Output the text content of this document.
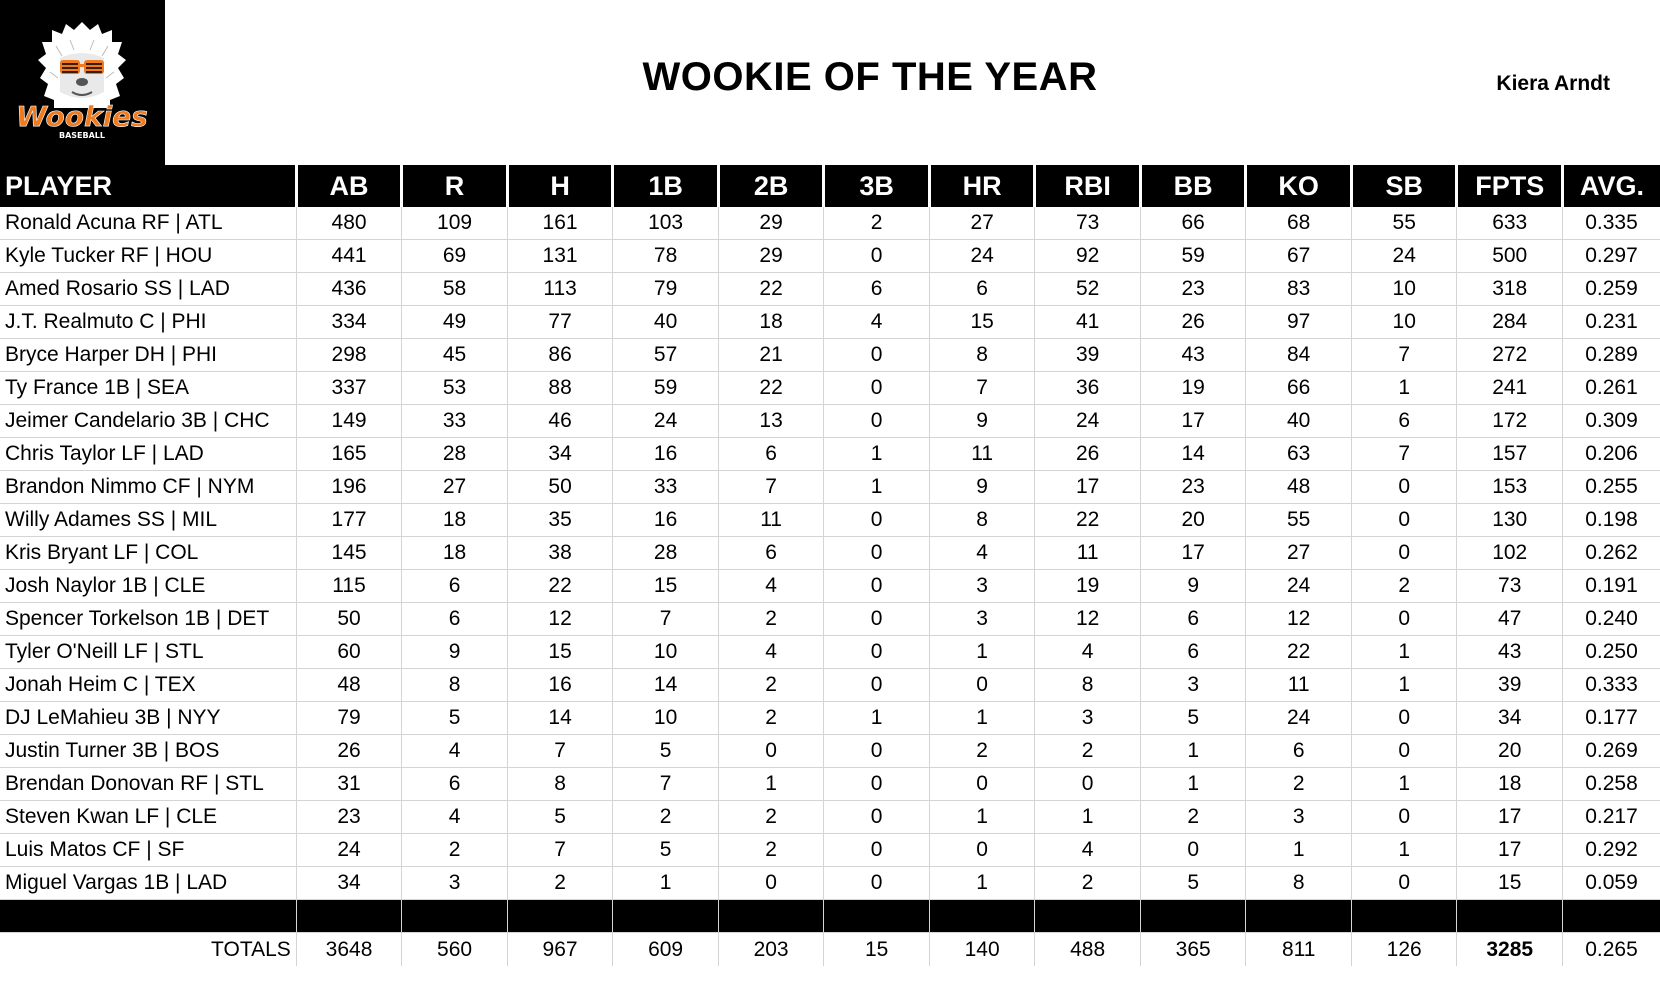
Wookies
BASEBALL
WOOKIE OF THE YEAR	Kiera Arndt
PLAYER	AB	R	H	1B	2B	3B	HR	RBI	BB	KO	SB	FPTS	AVG.
Ronald Acuna RF | ATL	480	109	161	103	29	2	27	73	66	68	55	633	0.335
Kyle Tucker RF | HOU	441	69	131	78	29	0	24	92	59	67	24	500	0.297
Amed Rosario SS | LAD	436	58	113	79	22	6	6	52	23	83	10	318	0.259
J.T. Realmuto C | PHI	334	49	77	40	18	4	15	41	26	97	10	284	0.231
Bryce Harper DH | PHI	298	45	86	57	21	0	8	39	43	84	7	272	0.289
Ty France 1B | SEA	337	53	88	59	22	0	7	36	19	66	1	241	0.261
Jeimer Candelario 3B | CHC	149	33	46	24	13	0	9	24	17	40	6	172	0.309
Chris Taylor LF | LAD	165	28	34	16	6	1	11	26	14	63	7	157	0.206
Brandon Nimmo CF | NYM	196	27	50	33	7	1	9	17	23	48	0	153	0.255
Willy Adames SS | MIL	177	18	35	16	11	0	8	22	20	55	0	130	0.198
Kris Bryant LF | COL	145	18	38	28	6	0	4	11	17	27	0	102	0.262
Josh Naylor 1B | CLE	115	6	22	15	4	0	3	19	9	24	2	73	0.191
Spencer Torkelson 1B | DET	50	6	12	7	2	0	3	12	6	12	0	47	0.240
Tyler O'Neill LF | STL	60	9	15	10	4	0	1	4	6	22	1	43	0.250
Jonah Heim C | TEX	48	8	16	14	2	0	0	8	3	11	1	39	0.333
DJ LeMahieu 3B | NYY	79	5	14	10	2	1	1	3	5	24	0	34	0.177
Justin Turner 3B | BOS	26	4	7	5	0	0	2	2	1	6	0	20	0.269
Brendan Donovan RF | STL	31	6	8	7	1	0	0	0	1	2	1	18	0.258
Steven Kwan LF | CLE	23	4	5	2	2	0	1	1	2	3	0	17	0.217
Luis Matos CF | SF	24	2	7	5	2	0	0	4	0	1	1	17	0.292
Miguel Vargas 1B | LAD	34	3	2	1	0	0	1	2	5	8	0	15	0.059

TOTALS	3648	560	967	609	203	15	140	488	365	811	126	3285	0.265
